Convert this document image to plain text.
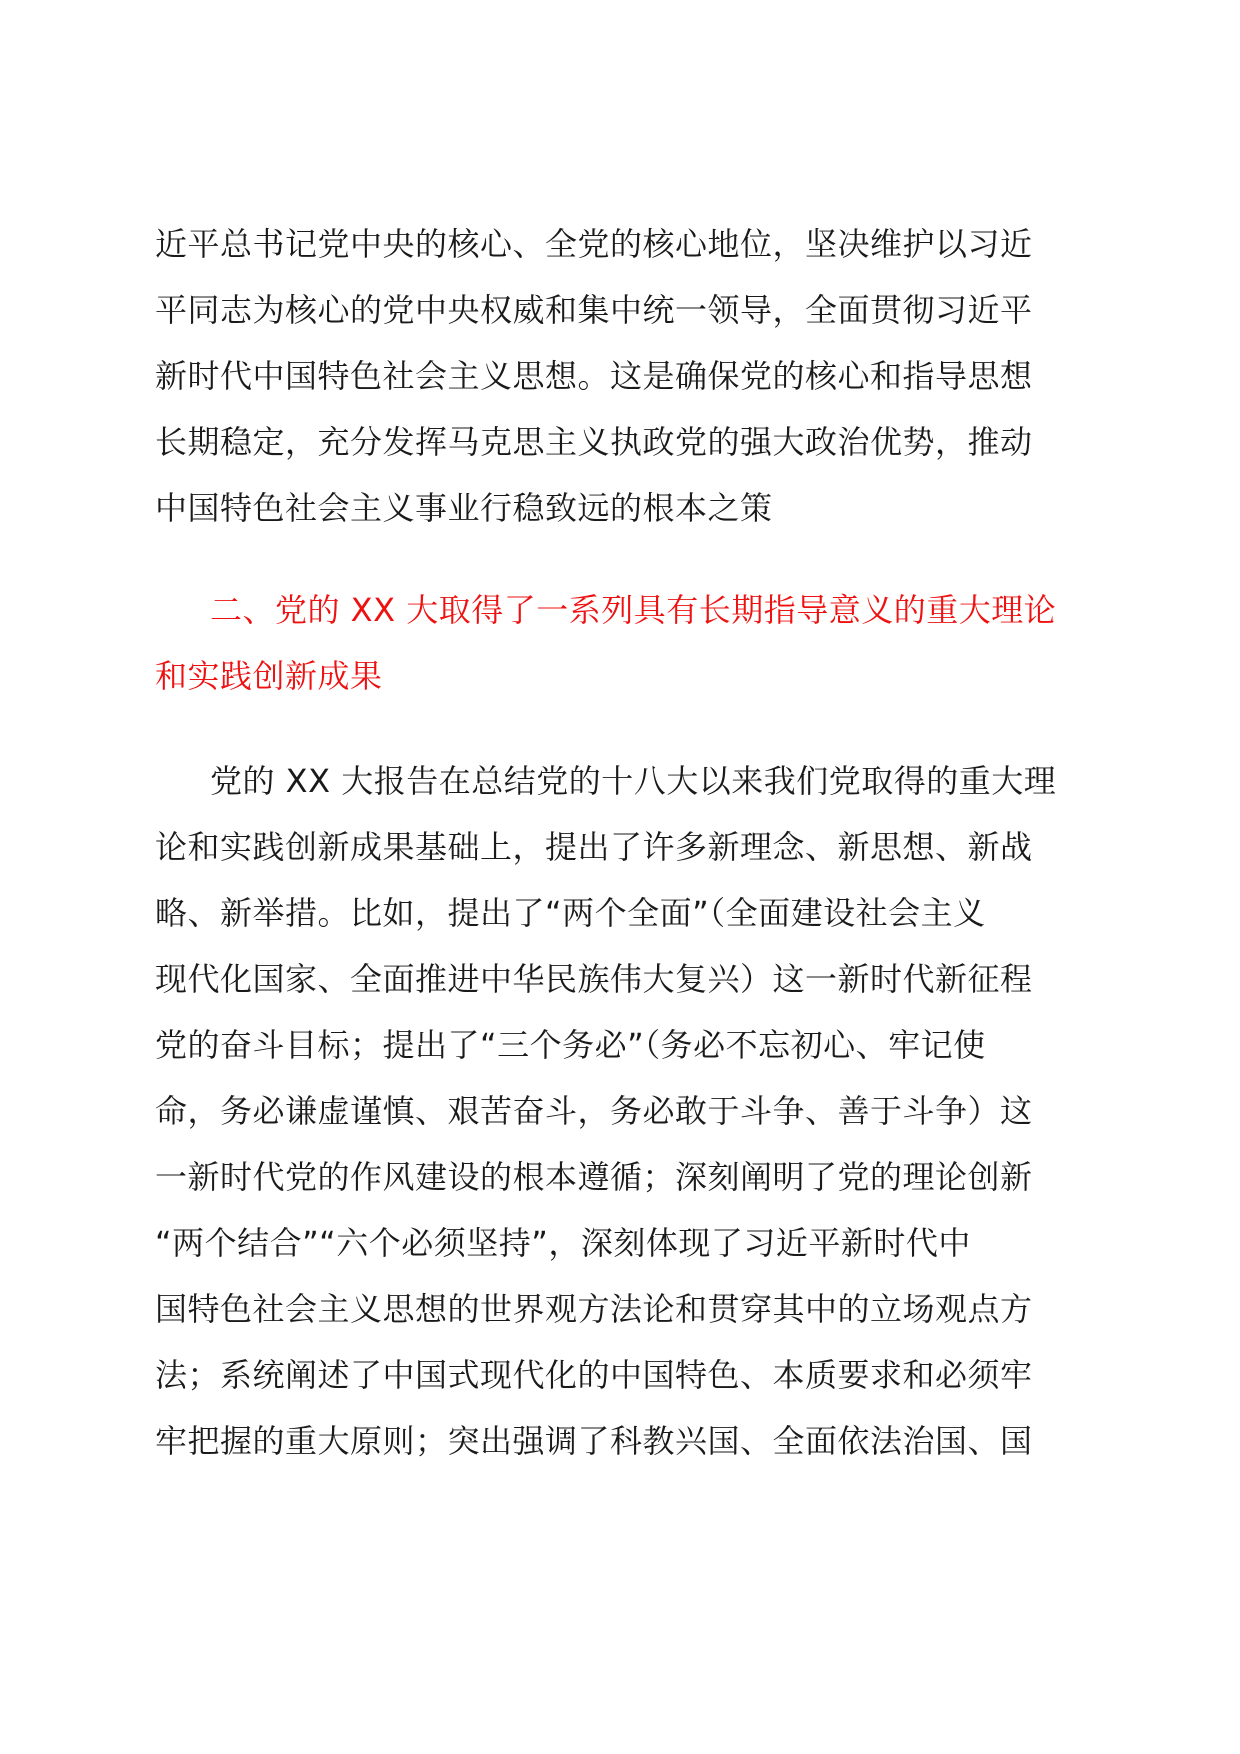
近平总书记党中央的核心、全党的核心地位，坚决维护以习近
平同志为核心的党中央权威和集中统一领导，全面贯彻习近平
新时代中国特色社会主义思想。这是确保党的核心和指导思想
长期稳定，充分发挥马克思主义执政党的强大政治优势，推动
中国特色社会主义事业行稳致远的根本之策
二、党的 XX 大取得了一系列具有长期指导意义的重大理论
和实践创新成果
党的 XX 大报告在总结党的十八大以来我们党取得的重大理
论和实践创新成果基础上，提出了许多新理念、新思想、新战
略、新举措。比如，提出了“两个全面”（全面建设社会主义
现代化国家、全面推进中华民族伟大复兴）这一新时代新征程
党的奋斗目标；提出了“三个务必”（务必不忘初心、牢记使
命，务必谦虚谨慎、艰苦奋斗，务必敢于斗争、善于斗争）这
一新时代党的作风建设的根本遵循；深刻阐明了党的理论创新
“两个结合”“六个必须坚持”，深刻体现了习近平新时代中
国特色社会主义思想的世界观方法论和贯穿其中的立场观点方
法；系统阐述了中国式现代化的中国特色、本质要求和必须牢
牢把握的重大原则；突出强调了科教兴国、全面依法治国、国
